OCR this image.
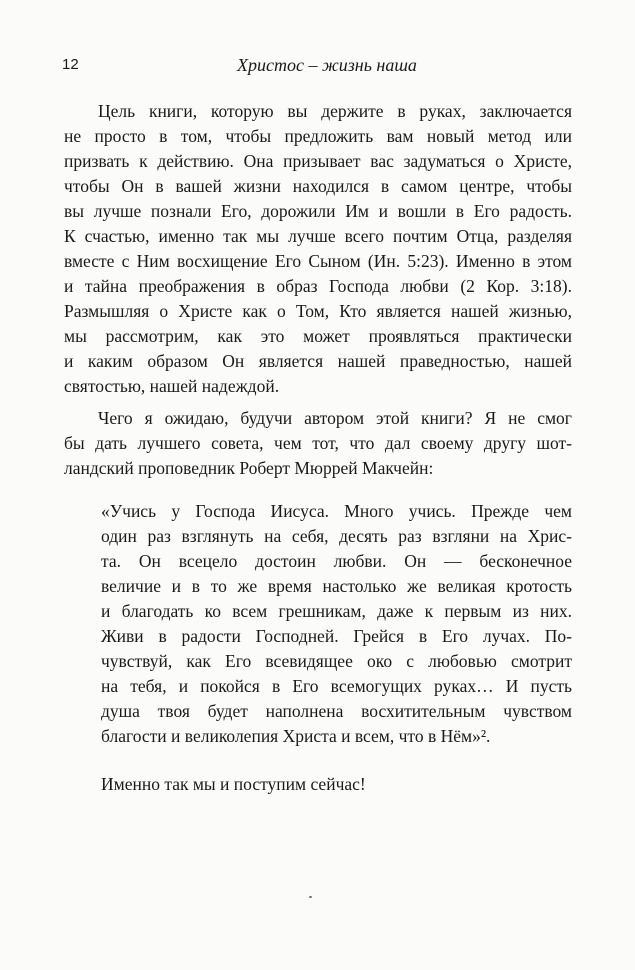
12	Христос – жизнь наша
Цель книги, которую вы держите в руках, заключается
не просто в том, чтобы предложить вам новый метод или
призвать к действию. Она призывает вас задуматься о Христе,
чтобы Он в вашей жизни находился в самом центре, чтобы
вы лучше познали Его, дорожили Им и вошли в Его радость.
К счастью, именно так мы лучше всего почтим Отца, разделяя
вместе с Ним восхищение Его Сыном (Ин. 5:23). Именно в этом
и тайна преображения в образ Господа любви (2 Кор. 3:18).
Размышляя о Христе как о Том, Кто является нашей жизнью,
мы рассмотрим, как это может проявляться практически
и каким образом Он является нашей праведностью, нашей
святостью, нашей надеждой.
Чего я ожидаю, будучи автором этой книги? Я не смог
бы дать лучшего совета, чем тот, что дал своему другу шот-
ландский проповедник Роберт Мюррей Макчейн:
«Учись у Господа Иисуса. Много учись. Прежде чем
один раз взглянуть на себя, десять раз взгляни на Хрис-
та. Он всецело достоин любви. Он — бесконечное
величие и в то же время настолько же великая кротость
и благодать ко всем грешникам, даже к первым из них.
Живи в радости Господней. Грейся в Его лучах. По-
чувствуй, как Его всевидящее око с любовью смотрит
на тебя, и покойся в Его всемогущих руках… И пусть
душа твоя будет наполнена восхитительным чувством
благости и великолепия Христа и всем, что в Нём»².
Именно так мы и поступим сейчас!
